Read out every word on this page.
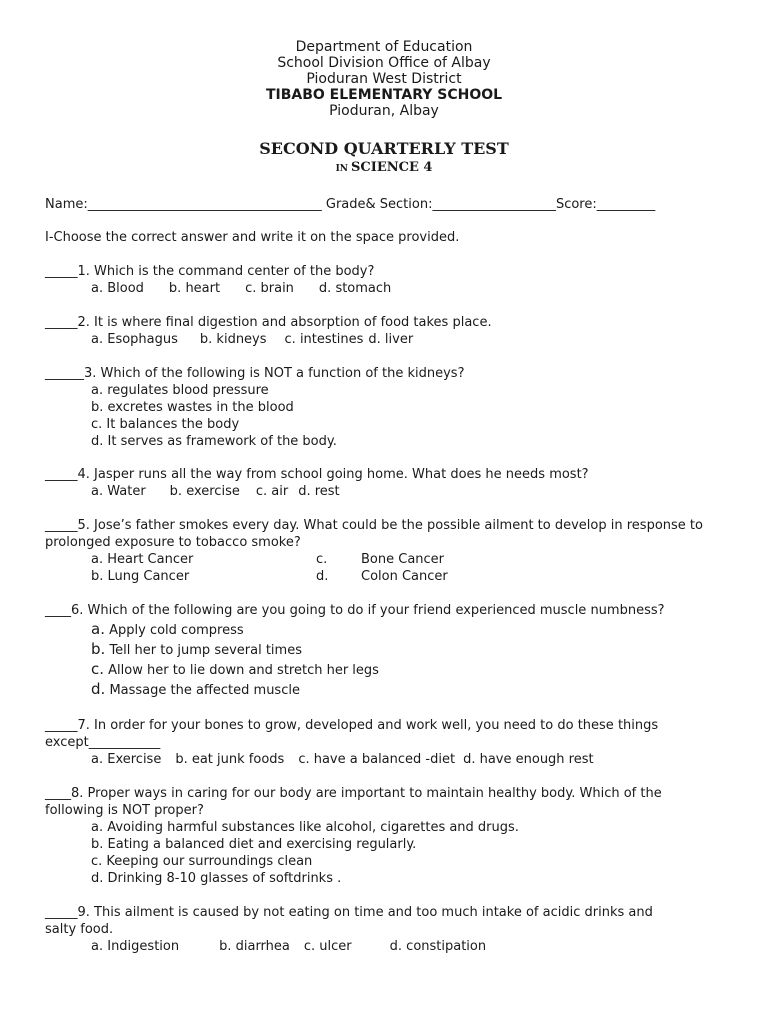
Department of Education
School Division Office of Albay
Pioduran West District
TIBABO ELEMENTARY SCHOOL
Pioduran, Albay
SECOND QUARTERLY TEST
IN SCIENCE 4
Name:____________________________________ Grade& Section:___________________Score:_________
I-Choose the correct answer and write it on the space provided.
_____1. Which is the command center of the body?
a. Blood b. heart c. brain d. stomach
_____2. It is where final digestion and absorption of food takes place.
a. Esophagus b. kidneys c. intestines d. liver
______3. Which of the following is NOT a function of the kidneys?
a. regulates blood pressure
b. excretes wastes in the blood
c. It balances the body
d. It serves as framework of the body.
_____4. Jasper runs all the way from school going home. What does he needs most?
a. Water b. exercise c. air d. rest
_____5. Jose’s father smokes every day. What could be the possible ailment to develop in response to
prolonged exposure to tobacco smoke?
a. Heart Cancer	c.	Bone Cancer
b. Lung Cancer	d.	Colon Cancer
____6. Which of the following are you going to do if your friend experienced muscle numbness?
a. Apply cold compress
b. Tell her to jump several times
c. Allow her to lie down and stretch her legs
d. Massage the affected muscle
_____7. In order for your bones to grow, developed and work well, you need to do these things
except___________
a. Exercise b. eat junk foods c. have a balanced -diet d. have enough rest
____8. Proper ways in caring for our body are important to maintain healthy body. Which of the
following is NOT proper?
a. Avoiding harmful substances like alcohol, cigarettes and drugs.
b. Eating a balanced diet and exercising regularly.
c. Keeping our surroundings clean
d. Drinking 8-10 glasses of softdrinks .
_____9. This ailment is caused by not eating on time and too much intake of acidic drinks and
salty food.
a. Indigestion	b. diarrhea c. ulcer	d. constipation
